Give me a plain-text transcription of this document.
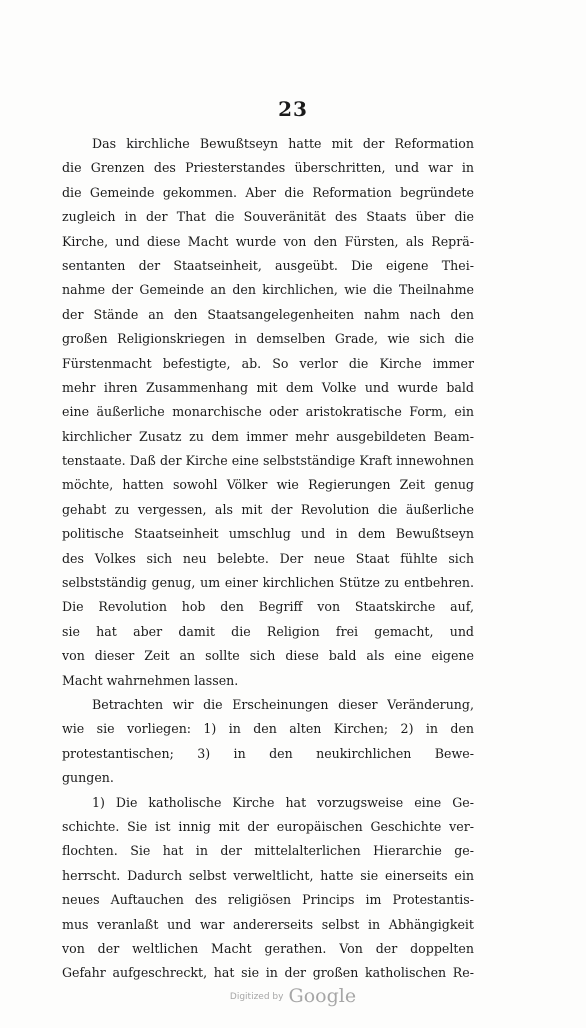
23
Das kirchliche Bewußtseyn hatte mit der Reformation
die Grenzen des Priesterstandes überschritten, und war in
die Gemeinde gekommen. Aber die Reformation begründete
zugleich in der That die Souveränität des Staats über die
Kirche, und diese Macht wurde von den Fürsten, als Reprä-
sentanten der Staatseinheit, ausgeübt. Die eigene Thei-
nahme der Gemeinde an den kirchlichen, wie die Theilnahme
der Stände an den Staatsangelegenheiten nahm nach den
großen Religionskriegen in demselben Grade, wie sich die
Fürstenmacht befestigte, ab. So verlor die Kirche immer
mehr ihren Zusammenhang mit dem Volke und wurde bald
eine äußerliche monarchische oder aristokratische Form, ein
kirchlicher Zusatz zu dem immer mehr ausgebildeten Beam-
tenstaate. Daß der Kirche eine selbstständige Kraft innewohnen
möchte, hatten sowohl Völker wie Regierungen Zeit genug
gehabt zu vergessen, als mit der Revolution die äußerliche
politische Staatseinheit umschlug und in dem Bewußtseyn
des Volkes sich neu belebte. Der neue Staat fühlte sich
selbstständig genug, um einer kirchlichen Stütze zu entbehren.
Die Revolution hob den Begriff von Staatskirche auf,
sie hat aber damit die Religion frei gemacht, und
von dieser Zeit an sollte sich diese bald als eine eigene
Macht wahrnehmen lassen.
Betrachten wir die Erscheinungen dieser Veränderung,
wie sie vorliegen: 1) in den alten Kirchen; 2) in den
protestantischen; 3) in den neukirchlichen Bewe-
gungen.
1) Die katholische Kirche hat vorzugsweise eine Ge-
schichte. Sie ist innig mit der europäischen Geschichte ver-
flochten. Sie hat in der mittelalterlichen Hierarchie ge-
herrscht. Dadurch selbst verweltlicht, hatte sie einerseits ein
neues Auftauchen des religiösen Princips im Protestantis-
mus veranlaßt und war andererseits selbst in Abhängigkeit
von der weltlichen Macht gerathen. Von der doppelten
Gefahr aufgeschreckt, hat sie in der großen katholischen Re-
Digitized by Google
